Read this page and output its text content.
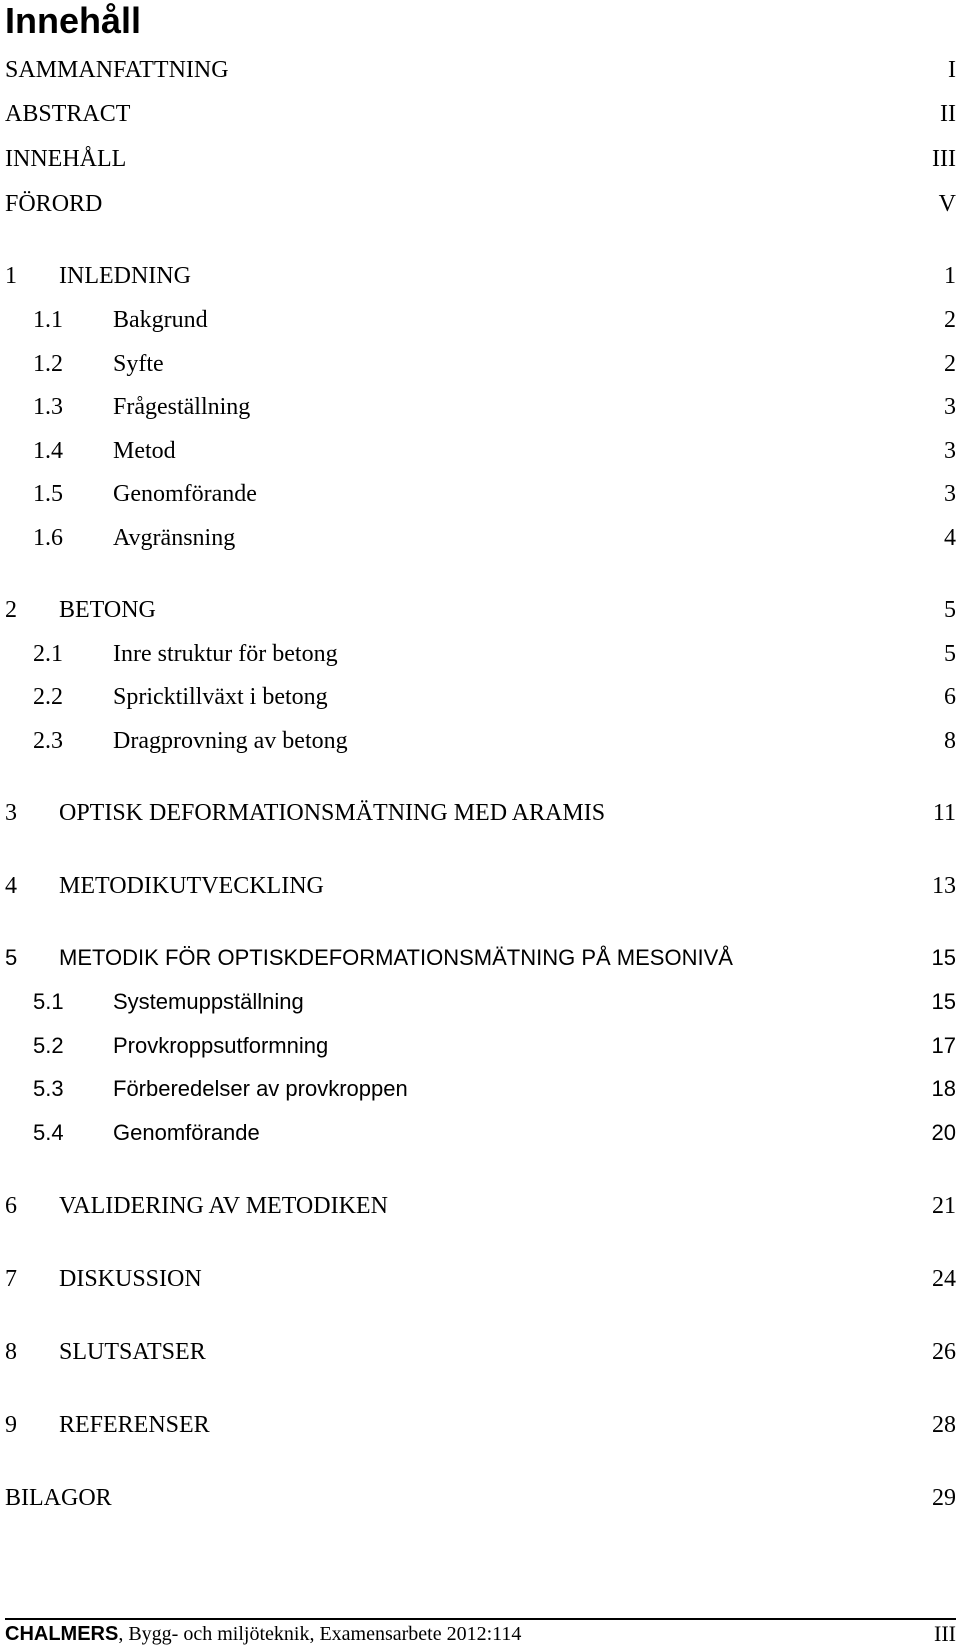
Innehåll
SAMMANFATTNING	I
ABSTRACT	II
INNEHÅLL	III
FÖRORD	V
1 INLEDNING	1
1.1 Bakgrund	2
1.2 Syfte	2
1.3 Frågeställning	3
1.4 Metod	3
1.5 Genomförande	3
1.6 Avgränsning	4
2 BETONG	5
2.1 Inre struktur för betong	5
2.2 Spricktillväxt i betong	6
2.3 Dragprovning av betong	8
3 OPTISK DEFORMATIONSMÄTNING MED ARAMIS	11
4 METODIKUTVECKLING	13
5 METODIK FÖR OPTISKDEFORMATIONSMÄTNING PÅ MESONIVÅ	15
5.1 Systemuppställning	15
5.2 Provkroppsutformning	17
5.3 Förberedelser av provkroppen	18
5.4 Genomförande	20
6 VALIDERING AV METODIKEN	21
7 DISKUSSION	24
8 SLUTSATSER	26
9 REFERENSER	28
BILAGOR	29
CHALMERS, Bygg- och miljöteknik, Examensarbete 2012:114	III
